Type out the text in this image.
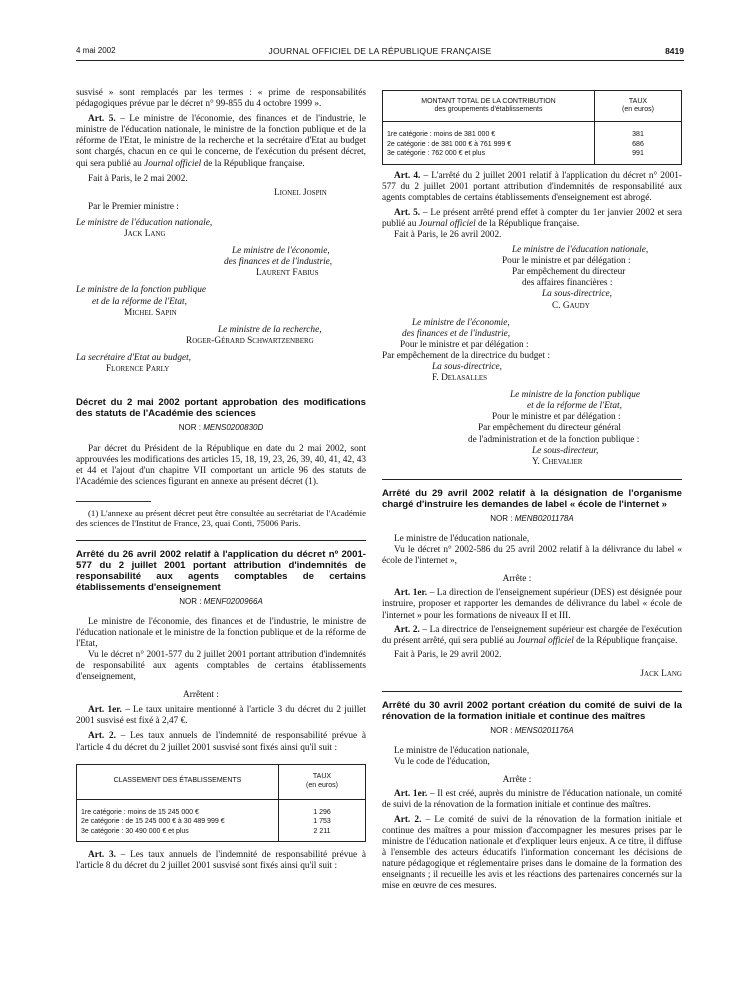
4 mai 2002	JOURNAL OFFICIEL DE LA RÉPUBLIQUE FRANÇAISE	8419

susvisé » sont remplacés par les termes : « prime de responsabilités pédagogiques prévue par le décret n° 99-855 du 4 octobre 1999 ».

Art. 5. – Le ministre de l'économie, des finances et de l'industrie, le ministre de l'éducation nationale, le ministre de la fonction publique et de la réforme de l'Etat, le ministre de la recherche et la secrétaire d'Etat au budget sont chargés, chacun en ce qui le concerne, de l'exécution du présent décret, qui sera publié au Journal officiel de la République française.

Fait à Paris, le 2 mai 2002.

Lionel Jospin

Par le Premier ministre :

Le ministre de l'éducation nationale,

Jack Lang

Le ministre de l'économie,

des finances et de l'industrie,

Laurent Fabius

Le ministre de la fonction publique

et de la réforme de l'Etat,

Michel Sapin

Le ministre de la recherche,

Roger-Gérard Schwartzenberg

La secrétaire d'Etat au budget,

Florence Parly

Décret du 2 mai 2002 portant approbation des modifications des statuts de l'Académie des sciences

NOR : MENS0200830D

Par décret du Président de la République en date du 2 mai 2002, sont approuvées les modifications des articles 15, 18, 19, 23, 26, 39, 40, 41, 42, 43 et 44 et l'ajout d'un chapitre VII comportant un article 96 des statuts de l'Académie des sciences figurant en annexe au présent décret (1).

(1) L'annexe au présent décret peut être consultée au secrétariat de l'Académie des sciences de l'Institut de France, 23, quai Conti, 75006 Paris.

Arrêté du 26 avril 2002 relatif à l'application du décret nº 2001-577 du 2 juillet 2001 portant attribution d'indemnités de responsabilité aux agents comptables de certains établissements d'enseignement

NOR : MENF0200966A

Le ministre de l'économie, des finances et de l'industrie, le ministre de l'éducation nationale et le ministre de la fonction publique et de la réforme de l'Etat,

Vu le décret n° 2001-577 du 2 juillet 2001 portant attribution d'indemnités de responsabilité aux agents comptables de certains établissements d'enseignement,

Arrêtent :

Art. 1er. – Le taux unitaire mentionné à l'article 3 du décret du 2 juillet 2001 susvisé est fixé à 2,47 €.

Art. 2. – Les taux annuels de l'indemnité de responsabilité prévue à l'article 4 du décret du 2 juillet 2001 susvisé sont fixés ainsi qu'il suit :

CLASSEMENT DES ÉTABLISSEMENTS	TAUX
(en euros)
1re catégorie : moins de 15 245 000 €	1 296
2e catégorie : de 15 245 000 € à 30 489 999 €	1 753
3e catégorie : 30 490 000 € et plus	2 211

Art. 3. – Les taux annuels de l'indemnité de responsabilité prévue à l'article 8 du décret du 2 juillet 2001 susvisé sont fixés ainsi qu'il suit :

MONTANT TOTAL DE LA CONTRIBUTION
des groupements d'établissements	TAUX
(en euros)
1re catégorie : moins de 381 000 €	381
2e catégorie : de 381 000 € à 761 999 €	686
3e catégorie : 762 000 € et plus	991

Art. 4. – L'arrêté du 2 juillet 2001 relatif à l'application du décret n° 2001-577 du 2 juillet 2001 portant attribution d'indemnités de responsabilité aux agents comptables de certains établissements d'enseignement est abrogé.

Art. 5. – Le présent arrêté prend effet à compter du 1er janvier 2002 et sera publié au Journal officiel de la République française.

Fait à Paris, le 26 avril 2002.

Le ministre de l'éducation nationale,

Pour le ministre et par délégation :

Par empêchement du directeur

des affaires financières :

La sous-directrice,

C. Gaudy

Le ministre de l'économie,

des finances et de l'industrie,

Pour le ministre et par délégation :

Par empêchement de la directrice du budget :

La sous-directrice,

F. Delasalles

Le ministre de la fonction publique

et de la réforme de l'Etat,

Pour le ministre et par délégation :

Par empêchement du directeur général

de l'administration et de la fonction publique :

Le sous-directeur,

Y. Chevalier

Arrêté du 29 avril 2002 relatif à la désignation de l'organisme chargé d'instruire les demandes de label « école de l'internet »

NOR : MENB0201178A

Le ministre de l'éducation nationale,

Vu le décret n° 2002-586 du 25 avril 2002 relatif à la délivrance du label « école de l'internet »,

Arrête :

Art. 1er. – La direction de l'enseignement supérieur (DES) est désignée pour instruire, proposer et rapporter les demandes de délivrance du label « école de l'internet » pour les formations de niveaux II et III.

Art. 2. – La directrice de l'enseignement supérieur est chargée de l'exécution du présent arrêté, qui sera publié au Journal officiel de la République française.

Fait à Paris, le 29 avril 2002.

Jack Lang

Arrêté du 30 avril 2002 portant création du comité de suivi de la rénovation de la formation initiale et continue des maîtres

NOR : MENS0201176A

Le ministre de l'éducation nationale,

Vu le code de l'éducation,

Arrête :

Art. 1er. – Il est créé, auprès du ministre de l'éducation nationale, un comité de suivi de la rénovation de la formation initiale et continue des maîtres.

Art. 2. – Le comité de suivi de la rénovation de la formation initiale et continue des maîtres a pour mission d'accompagner les mesures prises par le ministre de l'éducation nationale et d'expliquer leurs enjeux. A ce titre, il diffuse à l'ensemble des acteurs éducatifs l'information concernant les décisions de nature pédagogique et réglementaire prises dans le domaine de la formation des enseignants ; il recueille les avis et les réactions des partenaires concernés sur la mise en œuvre de ces mesures.
